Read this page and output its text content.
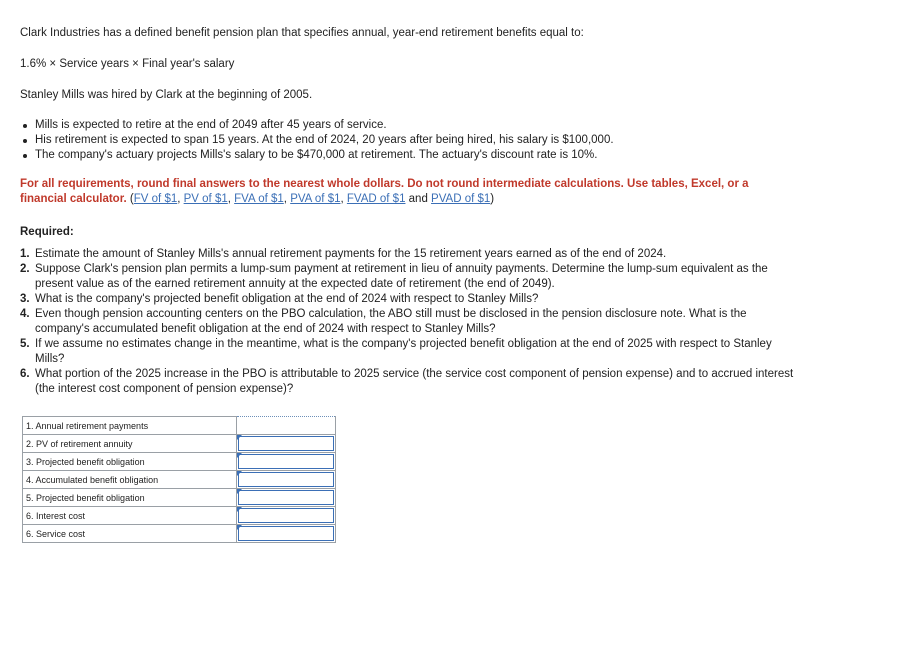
Clark Industries has a defined benefit pension plan that specifies annual, year-end retirement benefits equal to:

1.6% × Service years × Final year's salary

Stanley Mills was hired by Clark at the beginning of 2005.

Mills is expected to retire at the end of 2049 after 45 years of service.
His retirement is expected to span 15 years. At the end of 2024, 20 years after being hired, his salary is $100,000.
The company's actuary projects Mills's salary to be $470,000 at retirement. The actuary's discount rate is 10%.

For all requirements, round final answers to the nearest whole dollars. Do not round intermediate calculations. Use tables, Excel, or a financial calculator. (FV of $1, PV of $1, FVA of $1, PVA of $1, FVAD of $1 and PVAD of $1)

Required:

1. Estimate the amount of Stanley Mills's annual retirement payments for the 15 retirement years earned as of the end of 2024.
2. Suppose Clark's pension plan permits a lump-sum payment at retirement in lieu of annuity payments. Determine the lump-sum equivalent as the present value as of the earned retirement annuity at the expected date of retirement (the end of 2049).
3. What is the company's projected benefit obligation at the end of 2024 with respect to Stanley Mills?
4. Even though pension accounting centers on the PBO calculation, the ABO still must be disclosed in the pension disclosure note. What is the company's accumulated benefit obligation at the end of 2024 with respect to Stanley Mills?
5. If we assume no estimates change in the meantime, what is the company's projected benefit obligation at the end of 2025 with respect to Stanley Mills?
6. What portion of the 2025 increase in the PBO is attributable to 2025 service (the service cost component of pension expense) and to accrued interest (the interest cost component of pension expense)?
1. Annual retirement payments	

2. PV of retirement annuity	

3. Projected benefit obligation	

4. Accumulated benefit obligation	

5. Projected benefit obligation	

6. Interest cost	

6. Service cost	
